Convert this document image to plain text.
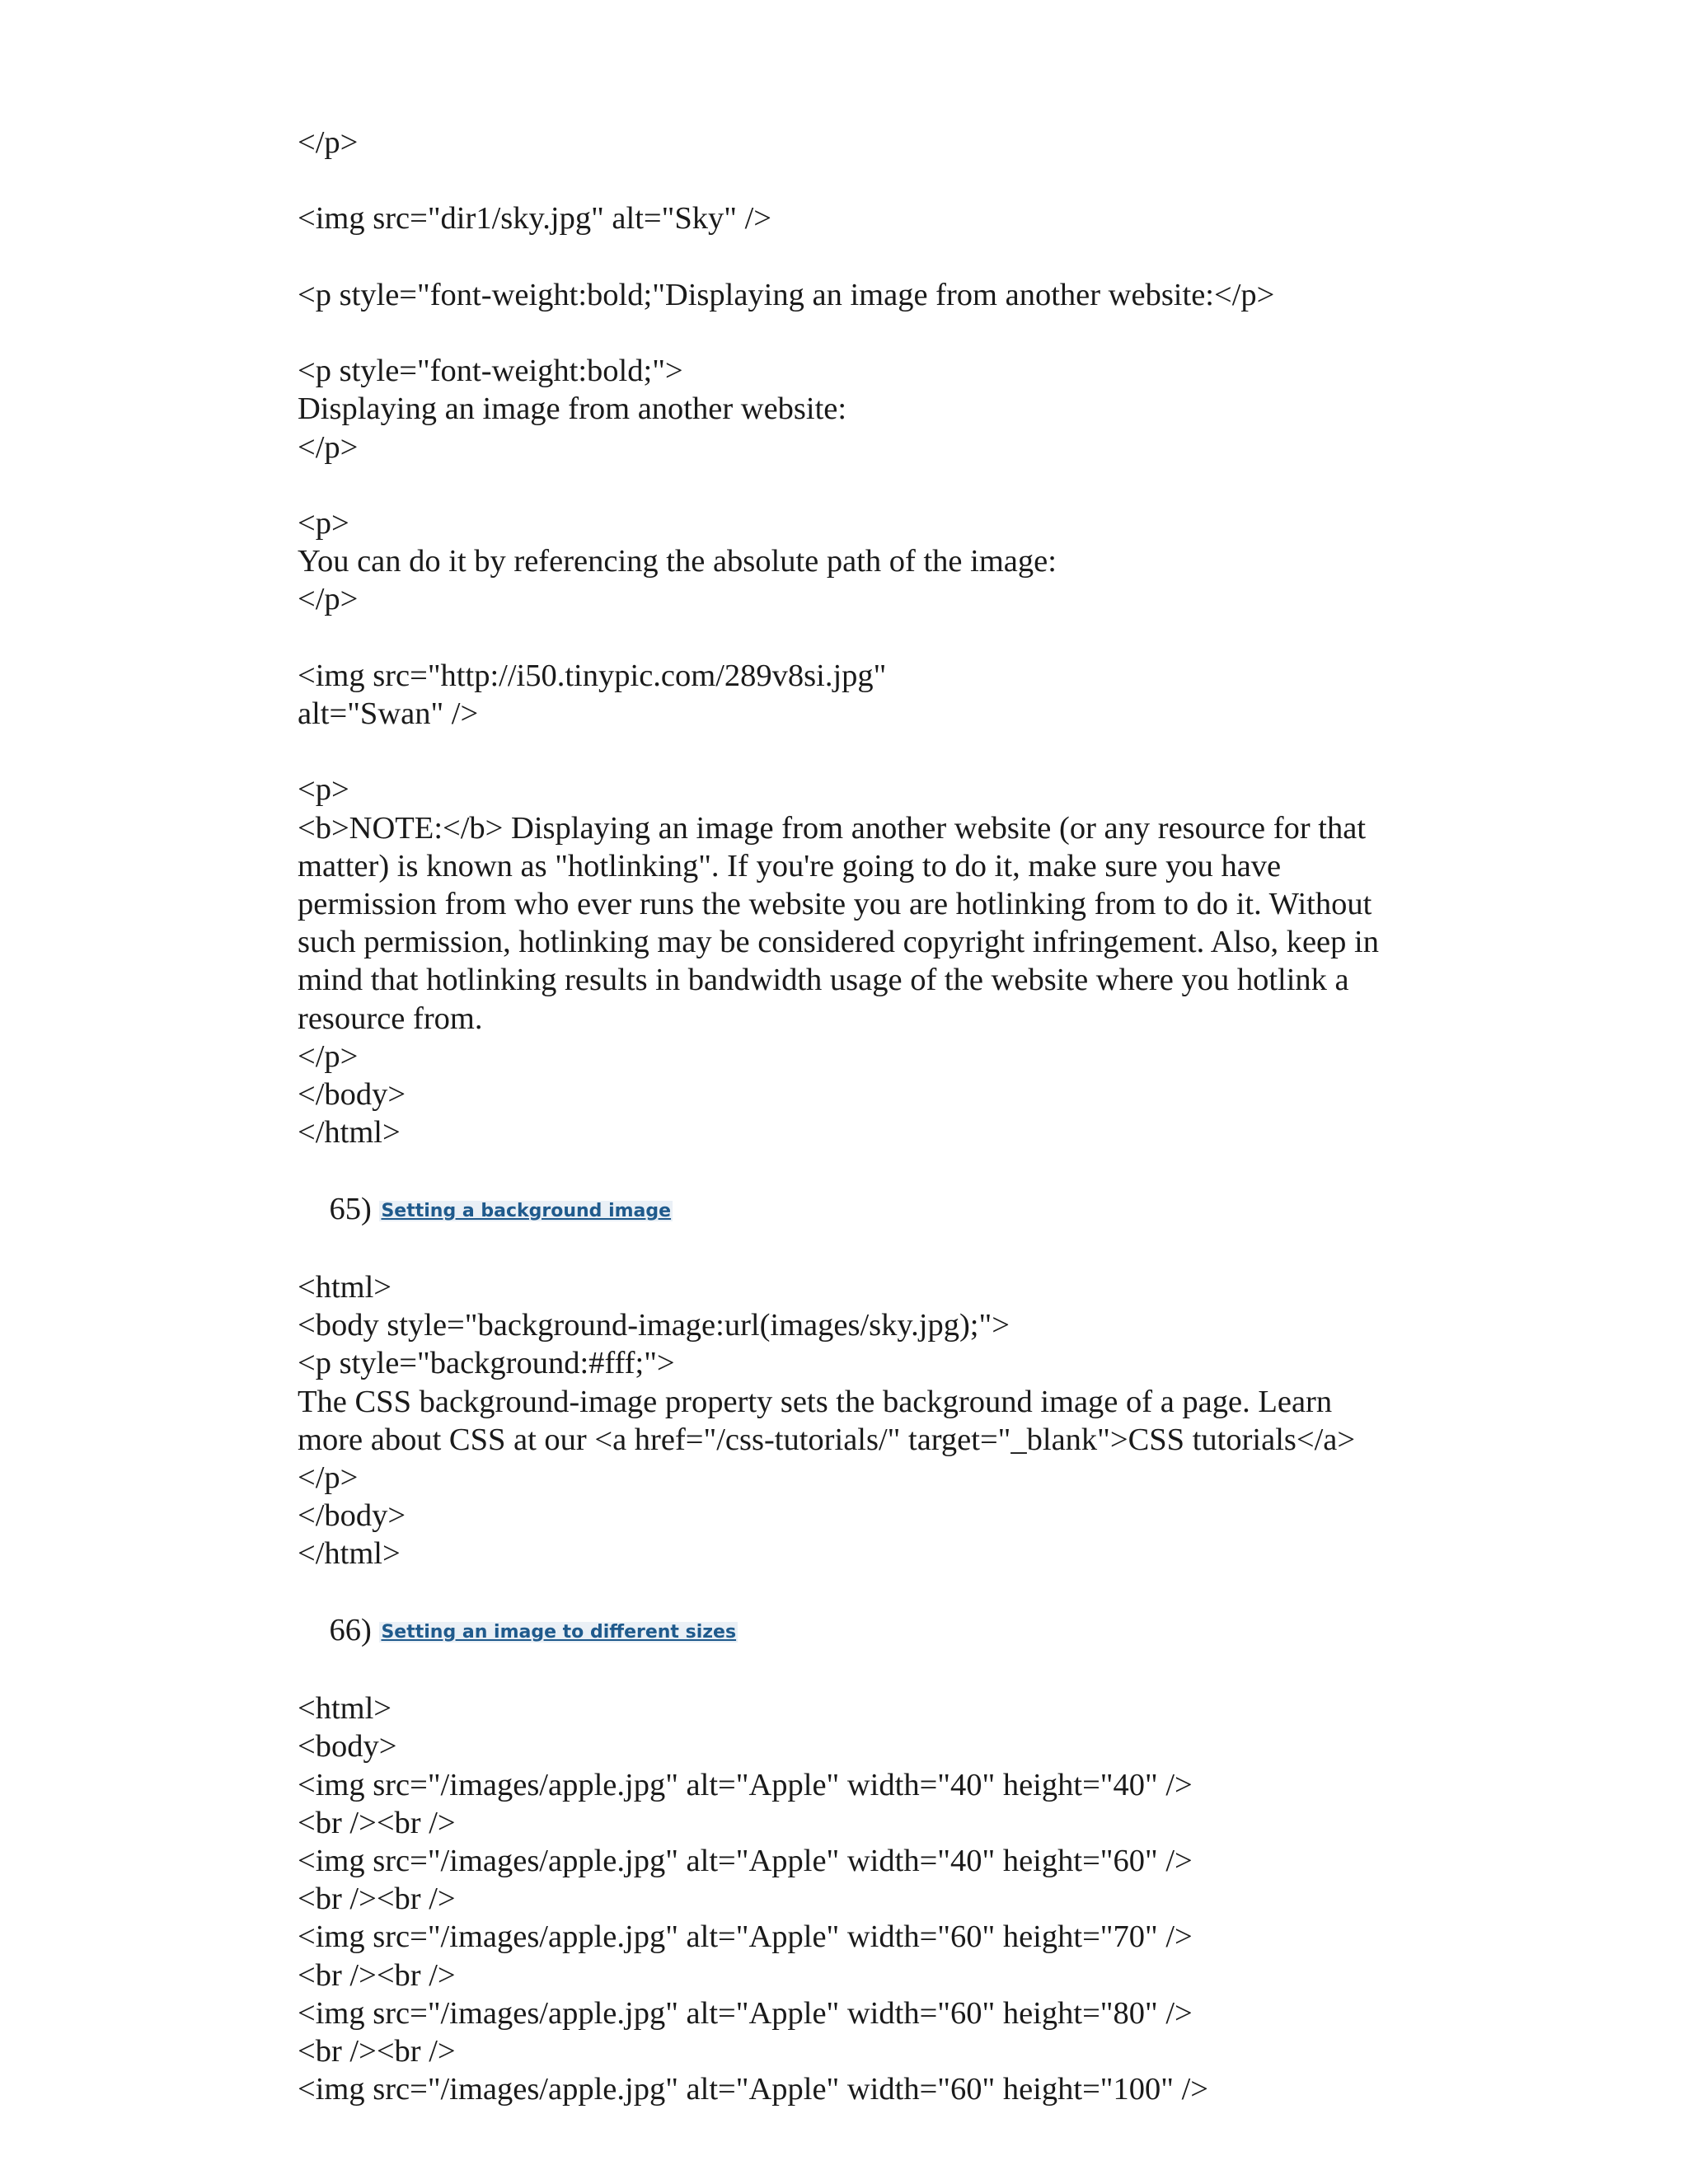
</p>
<img src="dir1/sky.jpg" alt="Sky" />
<p style="font-weight:bold;"Displaying an image from another website:</p>
<p style="font-weight:bold;">
Displaying an image from another website:
</p>
<p>
You can do it by referencing the absolute path of the image:
</p>
<img src="http://i50.tinypic.com/289v8si.jpg"
alt="Swan" />
<p>
<b>NOTE:</b> Displaying an image from another website (or any resource for that
matter) is known as "hotlinking". If you're going to do it, make sure you have
permission from who ever runs the website you are hotlinking from to do it. Without
such permission, hotlinking may be considered copyright infringement. Also, keep in
mind that hotlinking results in bandwidth usage of the website where you hotlink a
resource from.
</p>
</body>
</html>

65) Setting a background image

<html>
<body style="background-image:url(images/sky.jpg);">
<p style="background:#fff;">
The CSS background-image property sets the background image of a page. Learn
more about CSS at our <a href="/css-tutorials/" target="_blank">CSS tutorials</a>
</p>
</body>
</html>

66) Setting an image to different sizes

<html>
<body>
<img src="/images/apple.jpg" alt="Apple" width="40" height="40" />
<br /><br />
<img src="/images/apple.jpg" alt="Apple" width="40" height="60" />
<br /><br />
<img src="/images/apple.jpg" alt="Apple" width="60" height="70" />
<br /><br />
<img src="/images/apple.jpg" alt="Apple" width="60" height="80" />
<br /><br />
<img src="/images/apple.jpg" alt="Apple" width="60" height="100" />
